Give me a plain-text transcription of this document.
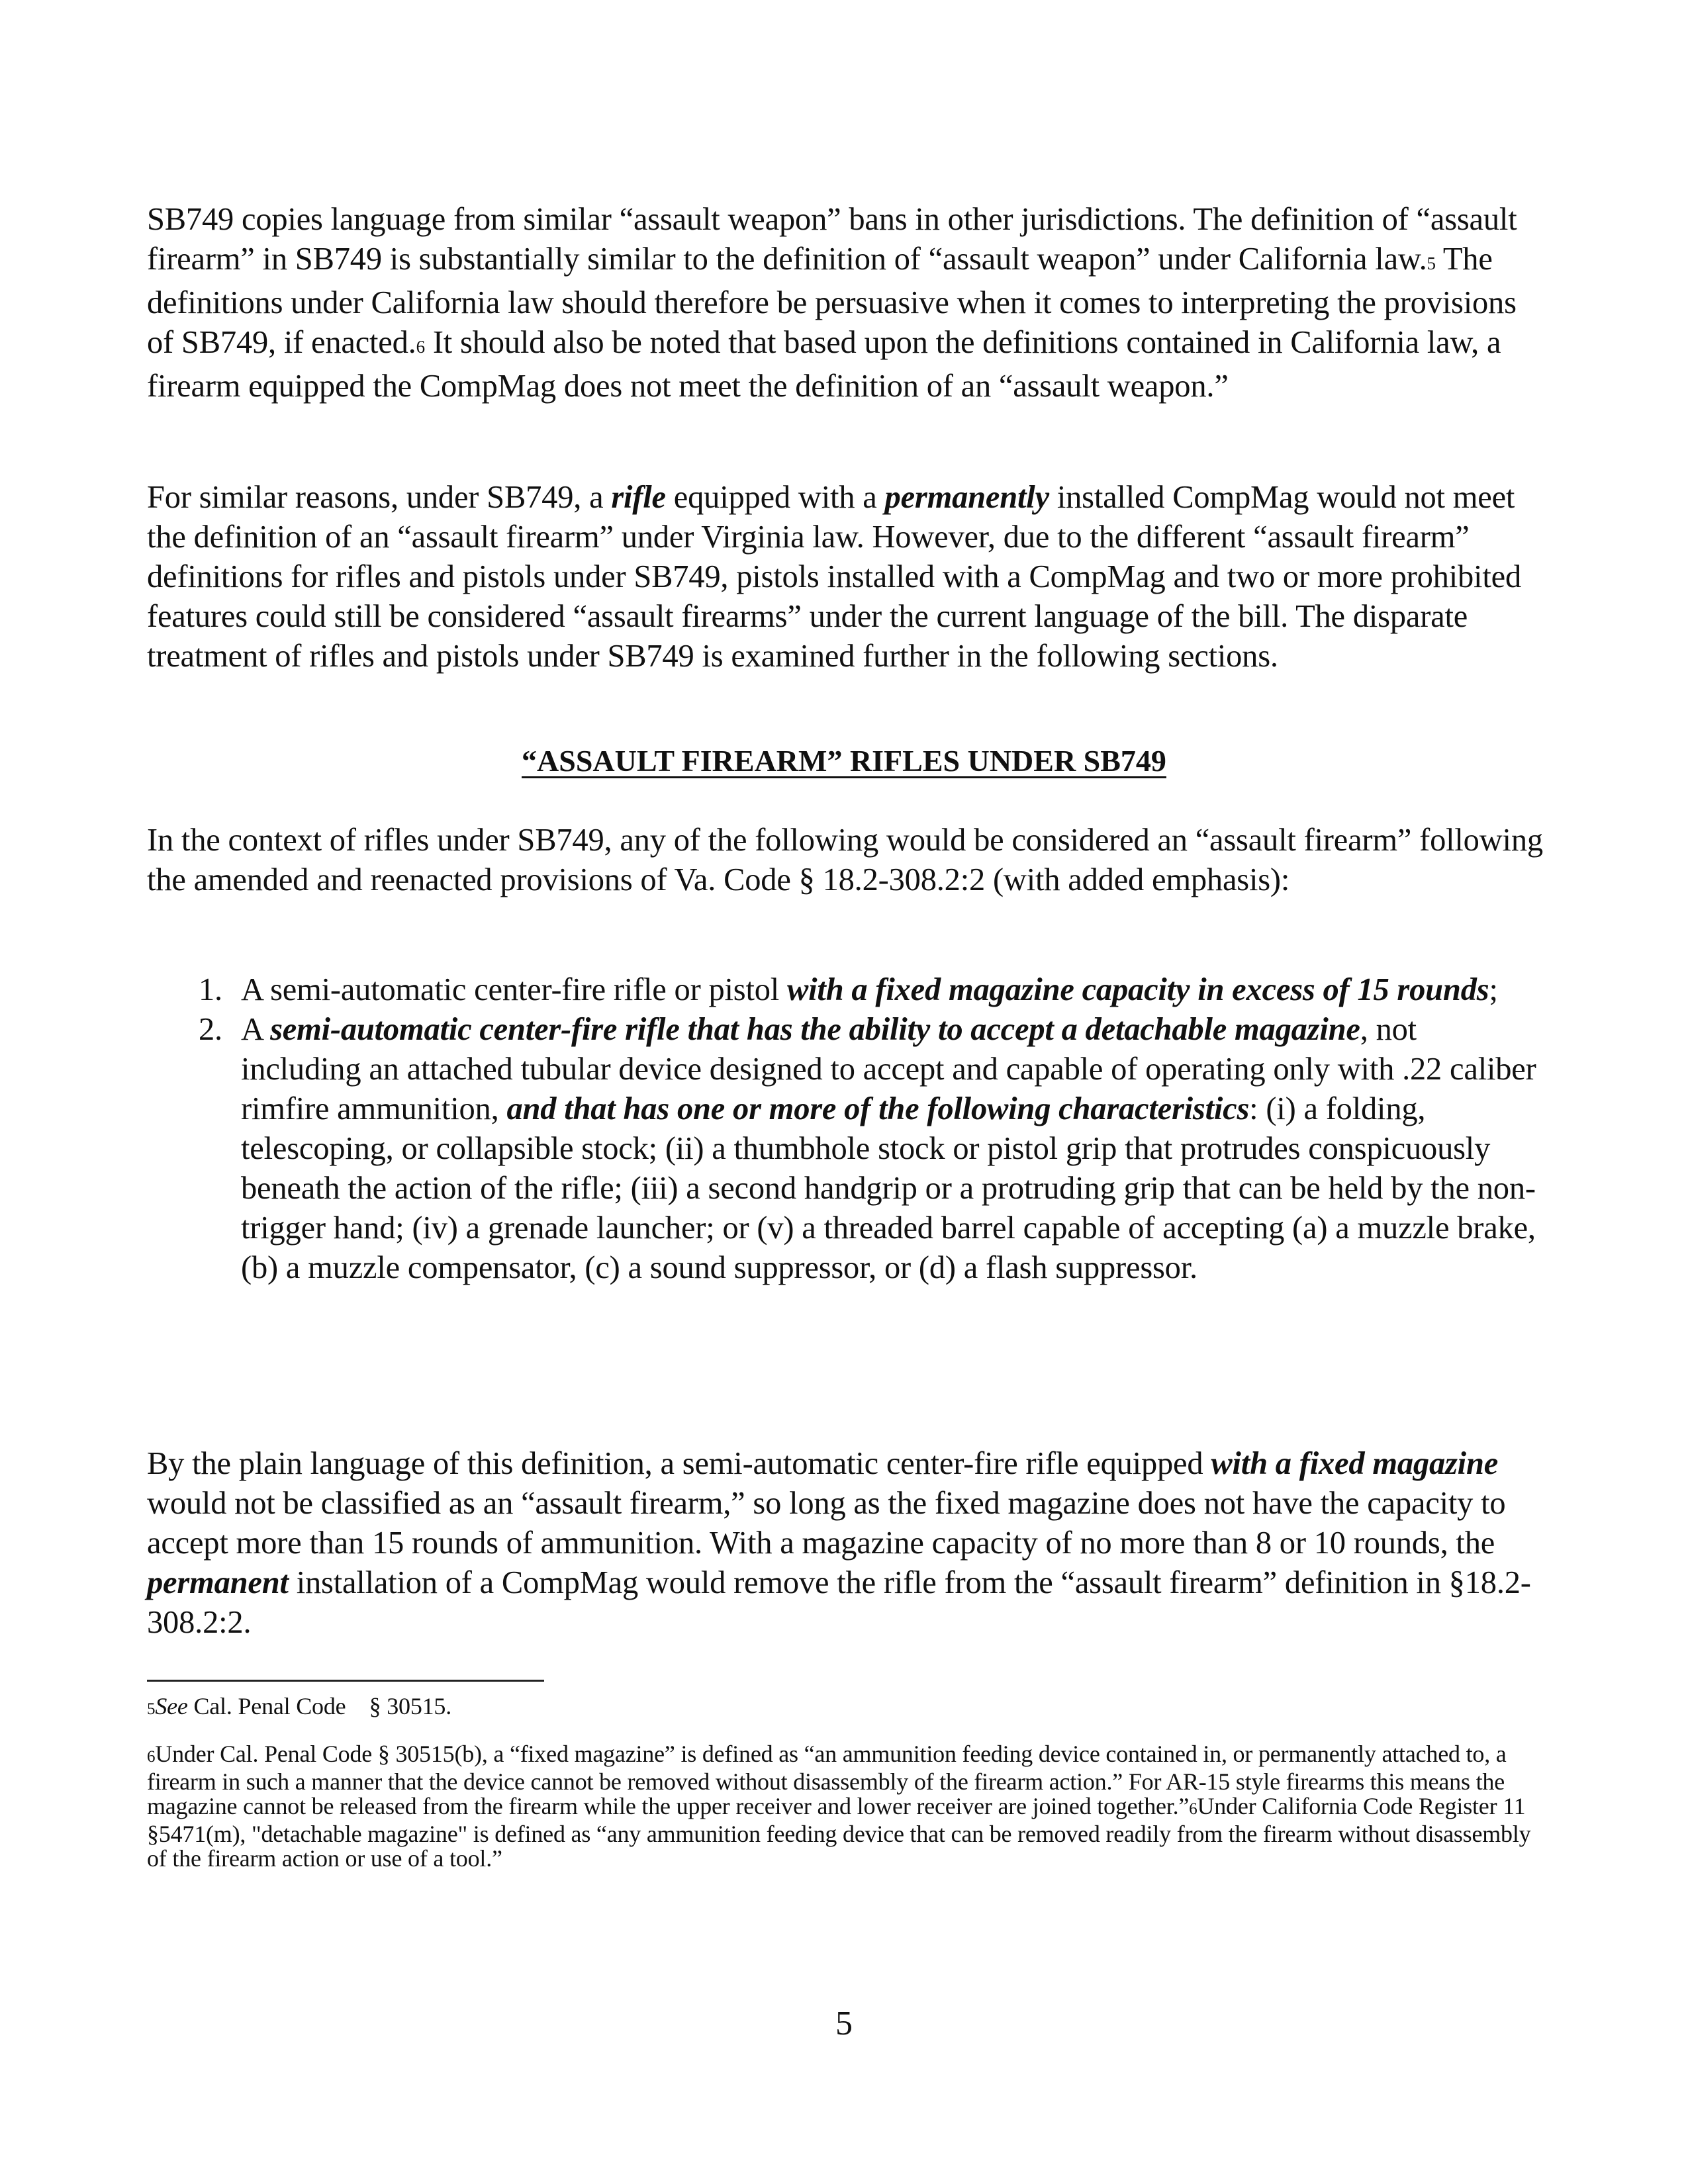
SB749 copies language from similar “assault weapon” bans in other jurisdictions. The definition of “assault firearm” in SB749 is substantially similar to the definition of “assault weapon” under California law.5 The definitions under California law should therefore be persuasive when it comes to interpreting the provisions of SB749, if enacted.6 It should also be noted that based upon the definitions contained in California law, a firearm equipped the CompMag does not meet the definition of an “assault weapon.”

For similar reasons, under SB749, a rifle equipped with a permanently installed CompMag would not meet the definition of an “assault firearm” under Virginia law. However, due to the different “assault firearm” definitions for rifles and pistols under SB749, pistols installed with a CompMag and two or more prohibited features could still be considered “assault firearms” under the current language of the bill. The disparate treatment of rifles and pistols under SB749 is examined further in the following sections.

“ASSAULT FIREARM” RIFLES UNDER SB749

In the context of rifles under SB749, any of the following would be considered an “assault firearm” following the amended and reenacted provisions of Va. Code § 18.2-308.2:2 (with added emphasis):

1. A semi-automatic center-fire rifle or pistol with a fixed magazine capacity in excess of 15 rounds;
2. A semi-automatic center-fire rifle that has the ability to accept a detachable magazine, not including an attached tubular device designed to accept and capable of operating only with .22 caliber rimfire ammunition, and that has one or more of the following characteristics: (i) a folding, telescoping, or collapsible stock; (ii) a thumbhole stock or pistol grip that protrudes conspicuously beneath the action of the rifle; (iii) a second handgrip or a protruding grip that can be held by the non-trigger hand; (iv) a grenade launcher; or (v) a threaded barrel capable of accepting (a) a muzzle brake, (b) a muzzle compensator, (c) a sound suppressor, or (d) a flash suppressor.

By the plain language of this definition, a semi-automatic center-fire rifle equipped with a fixed magazine would not be classified as an “assault firearm,” so long as the fixed magazine does not have the capacity to accept more than 15 rounds of ammunition. With a magazine capacity of no more than 8 or 10 rounds, the permanent installation of a CompMag would remove the rifle from the “assault firearm” definition in §18.2-308.2:2.

5See Cal. Penal Code    § 30515.

6Under Cal. Penal Code § 30515(b), a “fixed magazine” is defined as “an ammunition feeding device contained in, or permanently attached to, a firearm in such a manner that the device cannot be removed without disassembly of the firearm action.” For AR-15 style firearms this means the magazine cannot be released from the firearm while the upper receiver and lower receiver are joined together.”6Under California Code Register 11 §5471(m), "detachable magazine" is defined as “any ammunition feeding device that can be removed readily from the firearm without disassembly of the firearm action or use of a tool.”

5
